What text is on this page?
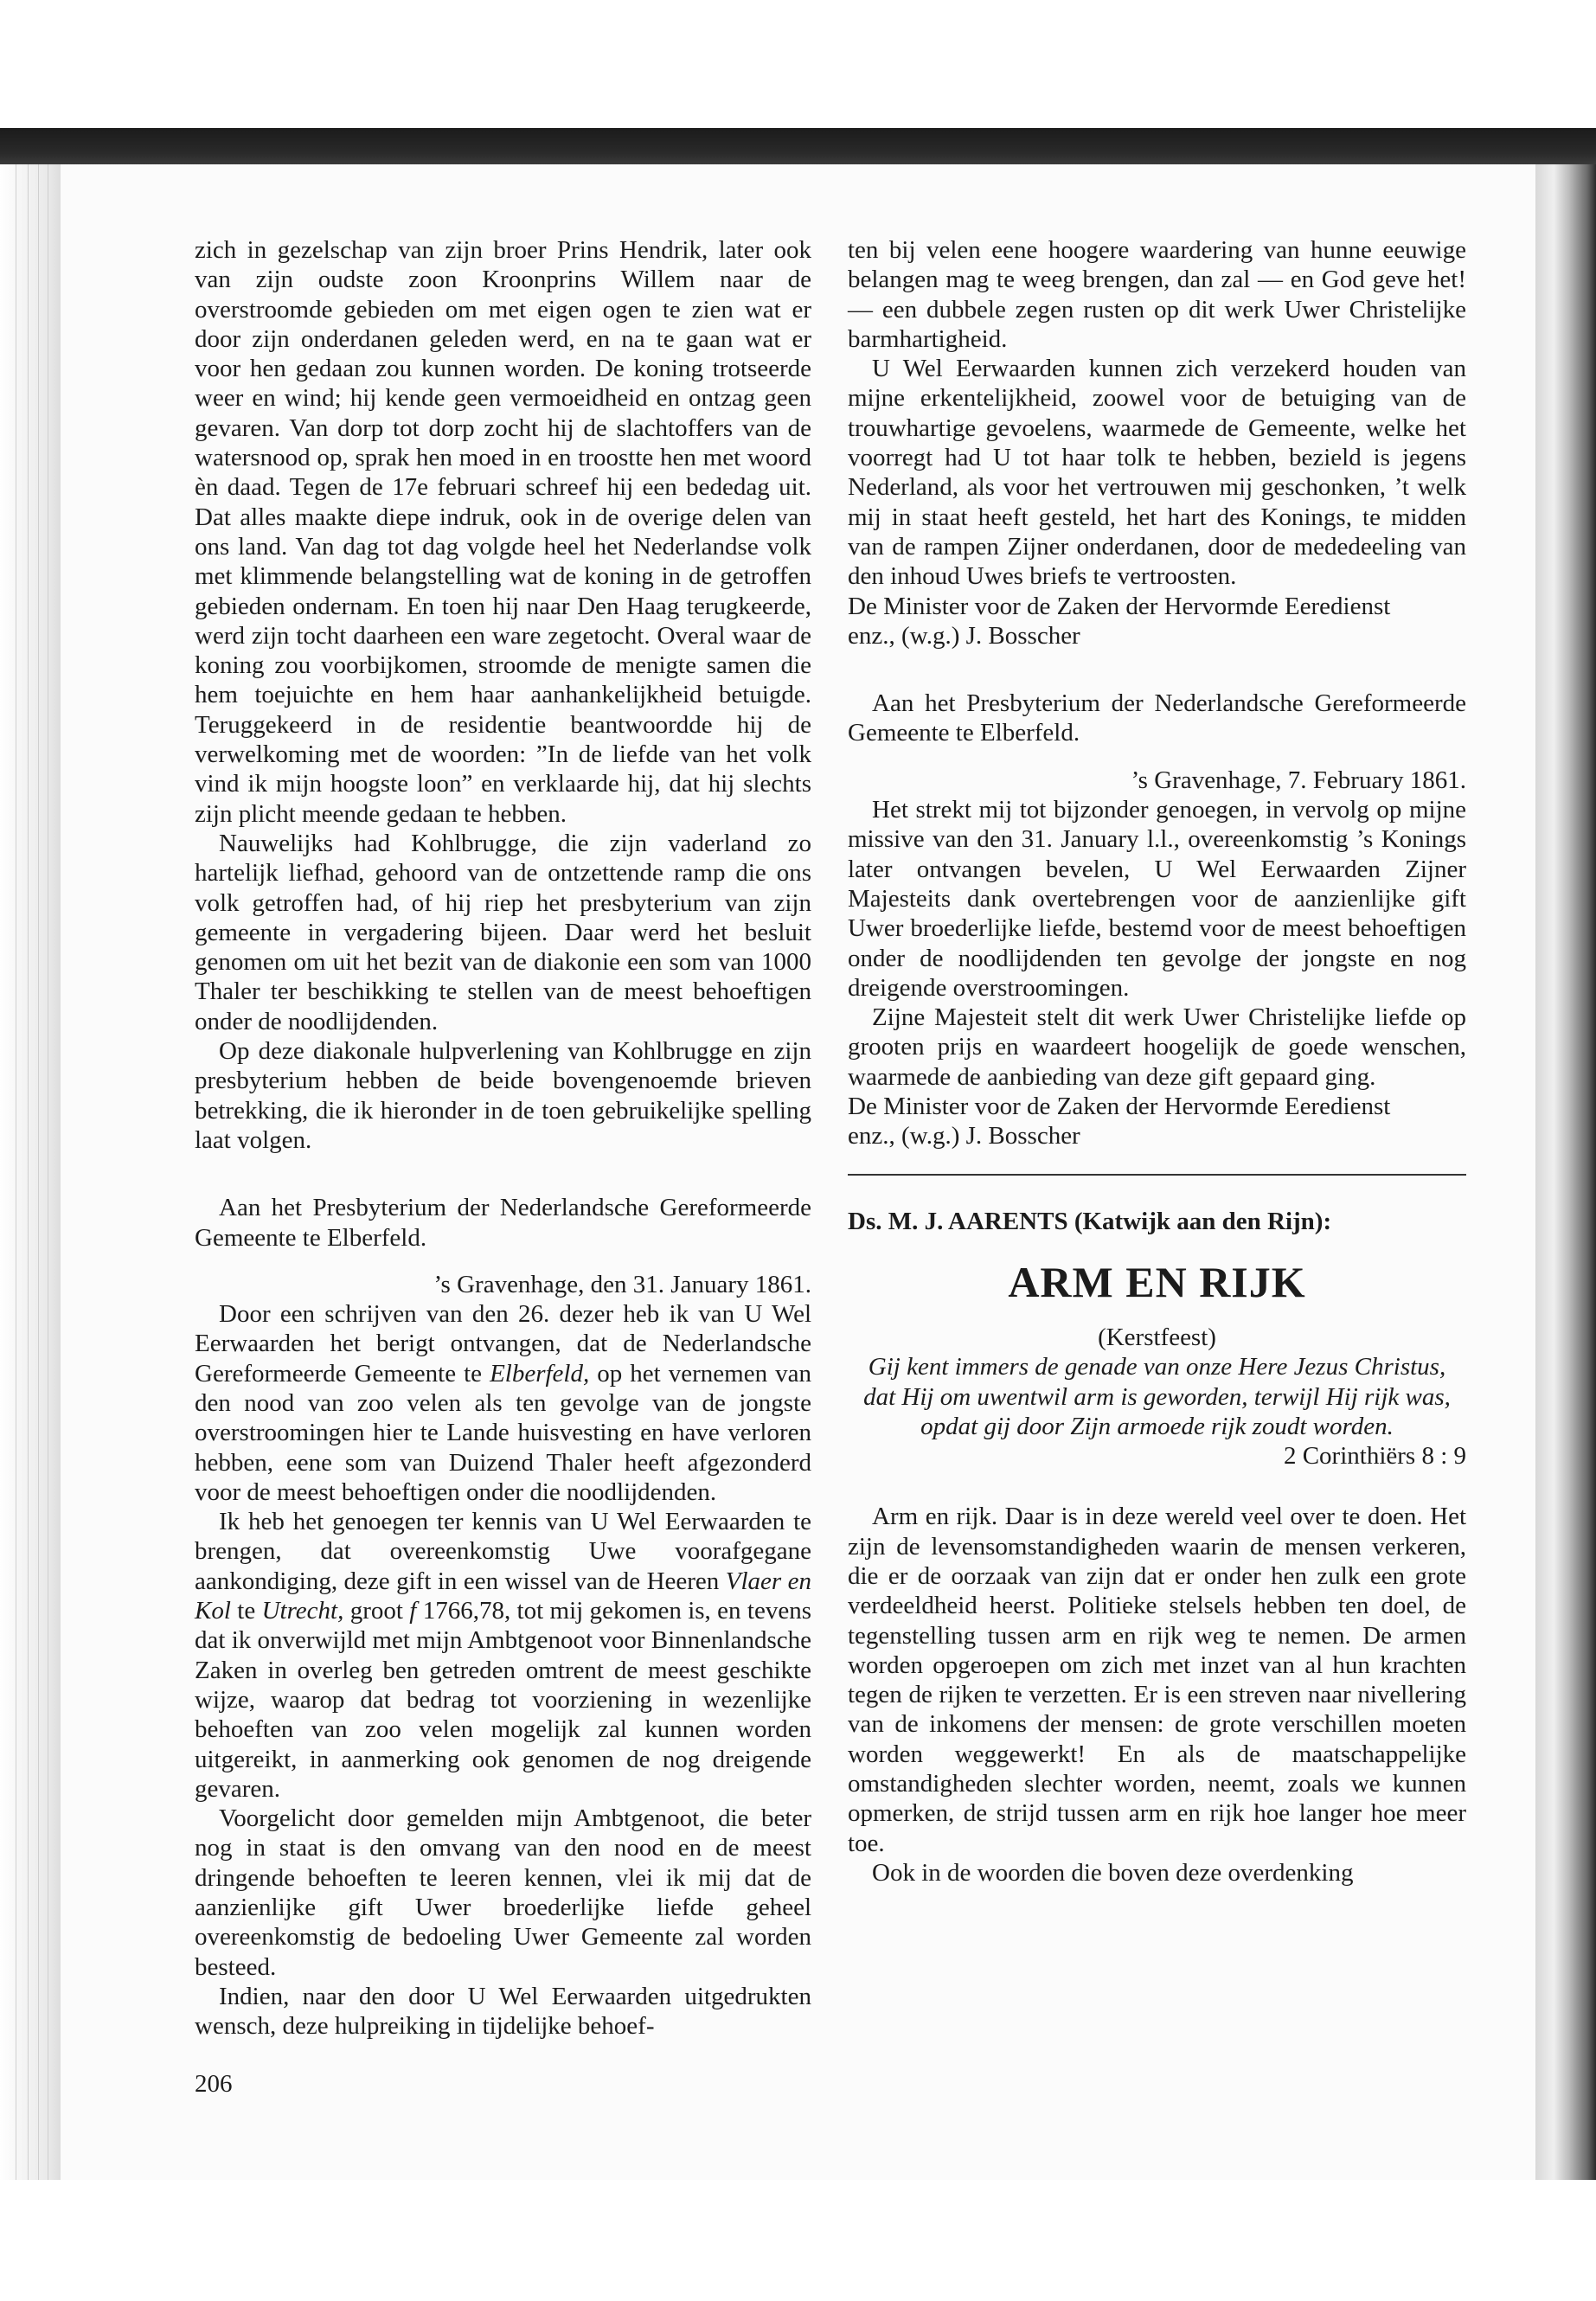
zich in gezelschap van zijn broer Prins Hendrik, later ook van zijn oudste zoon Kroonprins Willem naar de overstroomde gebieden om met eigen ogen te zien wat er door zijn onderdanen geleden werd, en na te gaan wat er voor hen gedaan zou kunnen worden. De koning trotseerde weer en wind; hij kende geen vermoeidheid en ontzag geen gevaren. Van dorp tot dorp zocht hij de slachtoffers van de watersnood op, sprak hen moed in en troostte hen met woord èn daad. Tegen de 17e februari schreef hij een bededag uit. Dat alles maakte diepe indruk, ook in de overige delen van ons land. Van dag tot dag volgde heel het Nederlandse volk met klimmende belangstelling wat de koning in de getroffen gebieden ondernam. En toen hij naar Den Haag terugkeerde, werd zijn tocht daarheen een ware zegetocht. Overal waar de koning zou voorbijkomen, stroomde de menigte samen die hem toejuichte en hem haar aanhankelijkheid betuigde. Teruggekeerd in de residentie beantwoordde hij de verwelkoming met de woorden: ”In de liefde van het volk vind ik mijn hoogste loon” en verklaarde hij, dat hij slechts zijn plicht meende gedaan te hebben.

Nauwelijks had Kohlbrugge, die zijn vaderland zo hartelijk liefhad, gehoord van de ontzettende ramp die ons volk getroffen had, of hij riep het presbyterium van zijn gemeente in vergadering bijeen. Daar werd het besluit genomen om uit het bezit van de diakonie een som van 1000 Thaler ter beschikking te stellen van de meest behoeftigen onder de noodlijdenden.

Op deze diakonale hulpverlening van Kohlbrugge en zijn presbyterium hebben de beide bovengenoemde brieven betrekking, die ik hieronder in de toen gebruikelijke spelling laat volgen.

Aan het Presbyterium der Nederlandsche Gereformeerde Gemeente te Elberfeld.

’s Gravenhage, den 31. January 1861.

Door een schrijven van den 26. dezer heb ik van U Wel Eerwaarden het berigt ontvangen, dat de Nederlandsche Gereformeerde Gemeente te Elberfeld, op het vernemen van den nood van zoo velen als ten gevolge van de jongste overstroomingen hier te Lande huisvesting en have verloren hebben, eene som van Duizend Thaler heeft afgezonderd voor de meest behoeftigen onder die noodlijdenden.

Ik heb het genoegen ter kennis van U Wel Eerwaarden te brengen, dat overeenkomstig Uwe voorafgegane aankondiging, deze gift in een wissel van de Heeren Vlaer en Kol te Utrecht, groot f 1766,78, tot mij gekomen is, en tevens dat ik onverwijld met mijn Ambtgenoot voor Binnenlandsche Zaken in overleg ben getreden omtrent de meest geschikte wijze, waarop dat bedrag tot voorziening in wezenlijke behoeften van zoo velen mogelijk zal kunnen worden uitgereikt, in aanmerking ook genomen de nog dreigende gevaren.

Voorgelicht door gemelden mijn Ambtgenoot, die beter nog in staat is den omvang van den nood en de meest dringende behoeften te leeren kennen, vlei ik mij dat de aanzienlijke gift Uwer broederlijke liefde geheel overeenkomstig de bedoeling Uwer Gemeente zal worden besteed.

Indien, naar den door U Wel Eerwaarden uitgedrukten wensch, deze hulpreiking in tijdelijke behoef-

ten bij velen eene hoogere waardering van hunne eeuwige belangen mag te weeg brengen, dan zal — en God geve het! — een dubbele zegen rusten op dit werk Uwer Christelijke barmhartigheid.

U Wel Eerwaarden kunnen zich verzekerd houden van mijne erkentelijkheid, zoowel voor de betuiging van de trouwhartige gevoelens, waarmede de Gemeente, welke het voorregt had U tot haar tolk te hebben, bezield is jegens Nederland, als voor het vertrouwen mij geschonken, ’t welk mij in staat heeft gesteld, het hart des Konings, te midden van de rampen Zijner onderdanen, door de mededeeling van den inhoud Uwes briefs te vertroosten.

De Minister voor de Zaken der Hervormde Eeredienst

enz., (w.g.) J. Bosscher

Aan het Presbyterium der Nederlandsche Gereformeerde Gemeente te Elberfeld.

’s Gravenhage, 7. February 1861.

Het strekt mij tot bijzonder genoegen, in vervolg op mijne missive van den 31. January l.l., overeenkomstig ’s Konings later ontvangen bevelen, U Wel Eerwaarden Zijner Majesteits dank overtebrengen voor de aanzienlijke gift Uwer broederlijke liefde, bestemd voor de meest behoeftigen onder de noodlijdenden ten gevolge der jongste en nog dreigende overstroomingen.

Zijne Majesteit stelt dit werk Uwer Christelijke liefde op grooten prijs en waardeert hoogelijk de goede wenschen, waarmede de aanbieding van deze gift gepaard ging.

De Minister voor de Zaken der Hervormde Eeredienst

enz., (w.g.) J. Bosscher

Ds. M. J. AARENTS (Katwijk aan den Rijn):

ARM EN RIJK

(Kerstfeest)

Gij kent immers de genade van onze Here Jezus Christus, dat Hij om uwentwil arm is geworden, terwijl Hij rijk was, opdat gij door Zijn armoede rijk zoudt worden.

2 Corinthiërs 8 : 9

Arm en rijk. Daar is in deze wereld veel over te doen. Het zijn de levensomstandigheden waarin de mensen verkeren, die er de oorzaak van zijn dat er onder hen zulk een grote verdeeldheid heerst. Politieke stelsels hebben ten doel, de tegenstelling tussen arm en rijk weg te nemen. De armen worden opgeroepen om zich met inzet van al hun krachten tegen de rijken te verzetten. Er is een streven naar nivellering van de inkomens der mensen: de grote verschillen moeten worden weggewerkt! En als de maatschappelijke omstandigheden slechter worden, neemt, zoals we kunnen opmerken, de strijd tussen arm en rijk hoe langer hoe meer toe.

Ook in de woorden die boven deze overdenking

206
